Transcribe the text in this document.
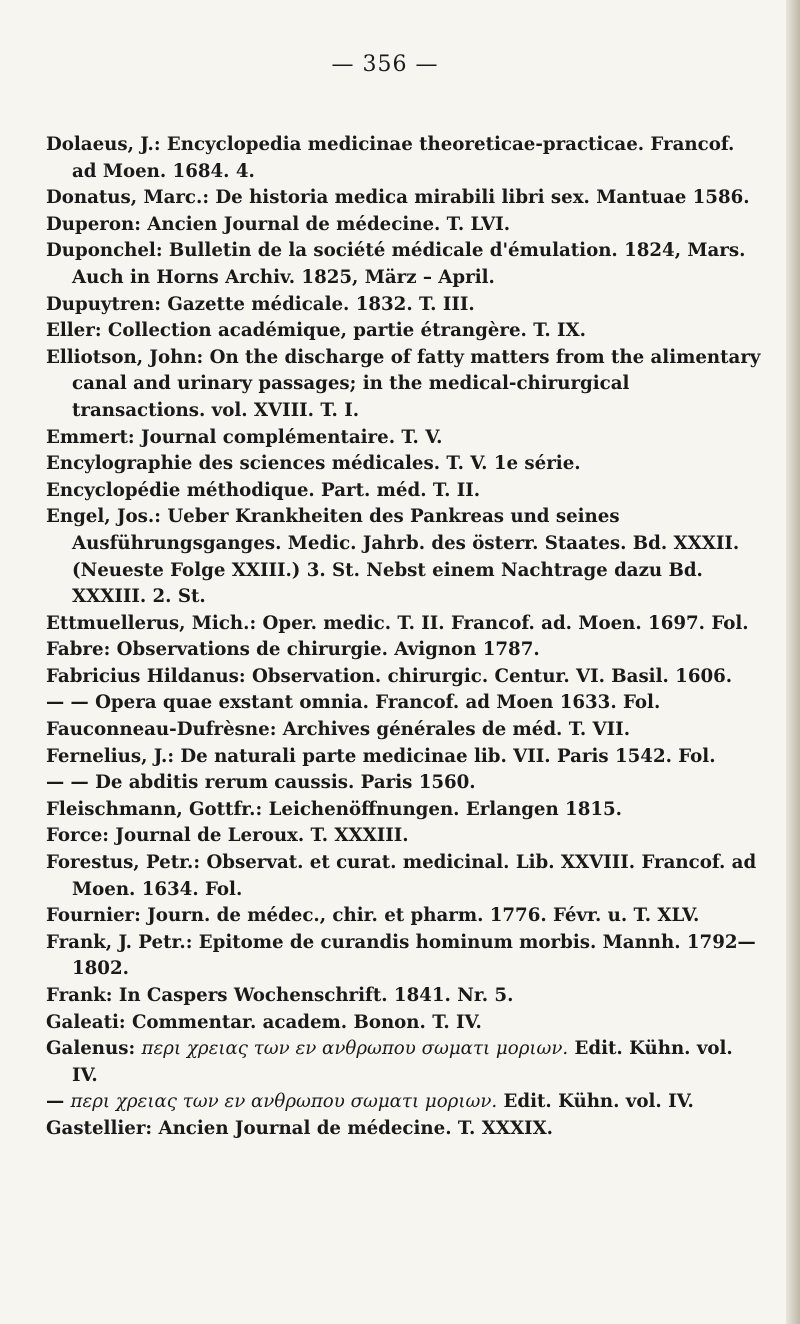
— 356 —
Dolaeus, J.: Encyclopedia medicinae theoreticae-practicae. Francof. ad Moen. 1684. 4.
Donatus, Marc.: De historia medica mirabili libri sex. Mantuae 1586.
Duperon: Ancien Journal de médecine. T. LVI.
Duponchel: Bulletin de la société médicale d'émulation. 1824, Mars. Auch in Horns Archiv. 1825, März – April.
Dupuytren: Gazette médicale. 1832. T. III.
Eller: Collection académique, partie étrangère. T. IX.
Elliotson, John: On the discharge of fatty matters from the alimentary canal and urinary passages; in the medical-chirurgical transactions. vol. XVIII. T. I.
Emmert: Journal complémentaire. T. V.
Encylographie des sciences médicales. T. V. 1e série.
Encyclopédie méthodique. Part. méd. T. II.
Engel, Jos.: Ueber Krankheiten des Pankreas und seines Ausführungsganges. Medic. Jahrb. des österr. Staates. Bd. XXXII. (Neueste Folge XXIII.) 3. St. Nebst einem Nachtrage dazu Bd. XXXIII. 2. St.
Ettmuellerus, Mich.: Oper. medic. T. II. Francof. ad. Moen. 1697. Fol.
Fabre: Observations de chirurgie. Avignon 1787.
Fabricius Hildanus: Observation. chirurgic. Centur. VI. Basil. 1606.
— — Opera quae exstant omnia. Francof. ad Moen 1633. Fol.
Fauconneau-Dufrèsne: Archives générales de méd. T. VII.
Fernelius, J.: De naturali parte medicinae lib. VII. Paris 1542. Fol.
— — De abditis rerum caussis. Paris 1560.
Fleischmann, Gottfr.: Leichenöffnungen. Erlangen 1815.
Force: Journal de Leroux. T. XXXIII.
Forestus, Petr.: Observat. et curat. medicinal. Lib. XXVIII. Francof. ad Moen. 1634. Fol.
Fournier: Journ. de médec., chir. et pharm. 1776. Févr. u. T. XLV.
Frank, J. Petr.: Epitome de curandis hominum morbis. Mannh. 1792—1802.
Frank: In Caspers Wochenschrift. 1841. Nr. 5.
Galeati: Commentar. academ. Bonon. T. IV.
Galenus: περι χρειας των εν ανθρωπου σωματι μοριων. Edit. Kühn. vol. IV.
— περι χρειας των εν ανθρωπου σωματι μοριων. Edit. Kühn. vol. IV.
Gastellier: Ancien Journal de médecine. T. XXXIX.
